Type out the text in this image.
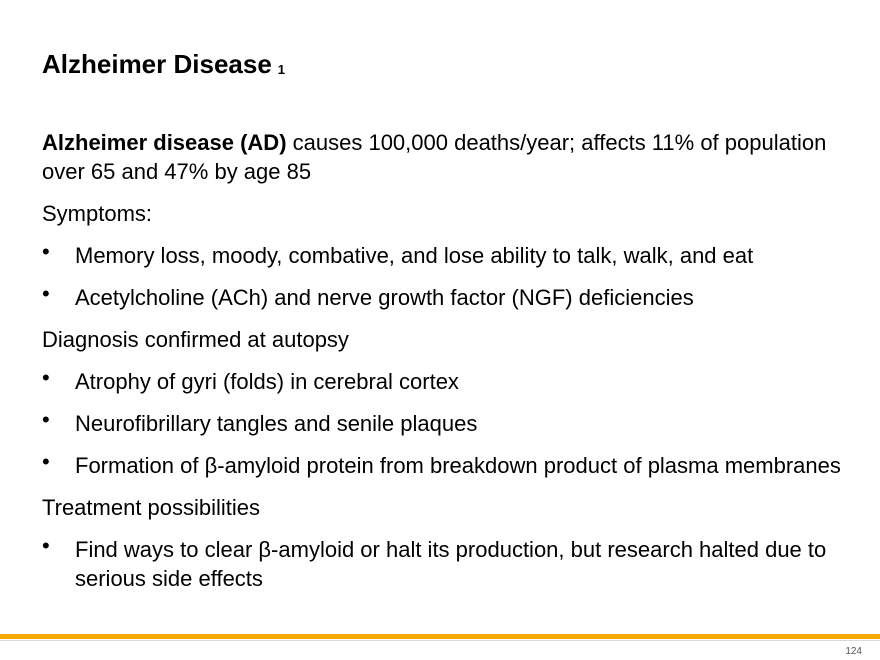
Alzheimer Disease 1

Alzheimer disease (AD) causes 100,000 deaths/year; affects 11% of population over 65 and 47% by age 85

Symptoms:

• Memory loss, moody, combative, and lose ability to talk, walk, and eat
• Acetylcholine (ACh) and nerve growth factor (NGF) deficiencies

Diagnosis confirmed at autopsy

• Atrophy of gyri (folds) in cerebral cortex
• Neurofibrillary tangles and senile plaques
• Formation of β-amyloid protein from breakdown product of plasma membranes

Treatment possibilities

• Find ways to clear β-amyloid or halt its production, but research halted due to serious side effects
124
